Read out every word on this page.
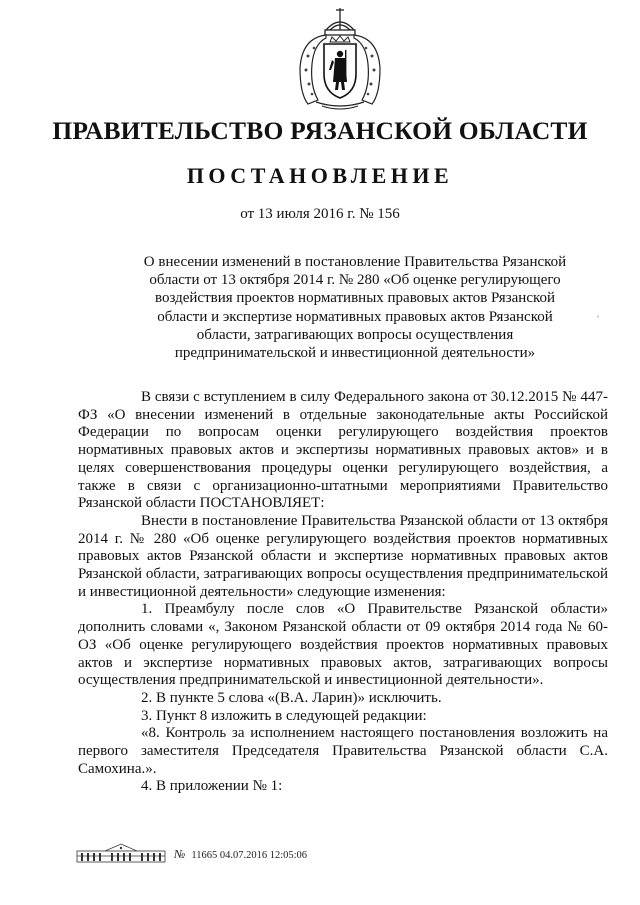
ПРАВИТЕЛЬСТВО РЯЗАНСКОЙ ОБЛАСТИ
ПОСТАНОВЛЕНИЕ
от 13 июля 2016 г. № 156
О внесении изменений в постановление Правительства Рязанской области от 13 октября 2014 г. № 280 «Об оценке регулирующего воздействия проектов нормативных правовых актов Рязанской области и экспертизе нормативных правовых актов Рязанской области, затрагивающих вопросы осуществления предпринимательской и инвестиционной деятельности»
ˌ

В связи с вступлением в силу Федерального закона от 30.12.2015 № 447-ФЗ «О внесении изменений в отдельные законодательные акты Российской Федерации по вопросам оценки регулирующего воздействия проектов нормативных правовых актов и экспертизы нормативных правовых актов» и в целях совершенствования процедуры оценки регулирующего воздействия, а также в связи с организационно-штатными мероприятиями Правительство Рязанской области ПОСТАНОВЛЯЕТ:

Внести в постановление Правительства Рязанской области от 13 октября 2014 г. № 280 «Об оценке регулирующего воздействия проектов нормативных правовых актов Рязанской области и экспертизе нормативных правовых актов Рязанской области, затрагивающих вопросы осуществления предпринимательской и инвестиционной деятельности» следующие изменения:

1. Преамбулу после слов «О Правительстве Рязанской области» дополнить словами «, Законом Рязанской области от 09 октября 2014 года № 60-ОЗ «Об оценке регулирующего воздействия проектов нормативных правовых актов и экспертизе нормативных правовых актов, затрагивающих вопросы осуществления предпринимательской и инвестиционной деятельности».

2. В пункте 5 слова «(В.А. Ларин)» исключить.

3. Пункт 8 изложить в следующей редакции:

«8. Контроль за исполнением настоящего постановления возложить на первого заместителя Председателя Правительства Рязанской области С.А. Самохина.».

4. В приложении № 1:

№ 11665 04.07.2016 12:05:06
